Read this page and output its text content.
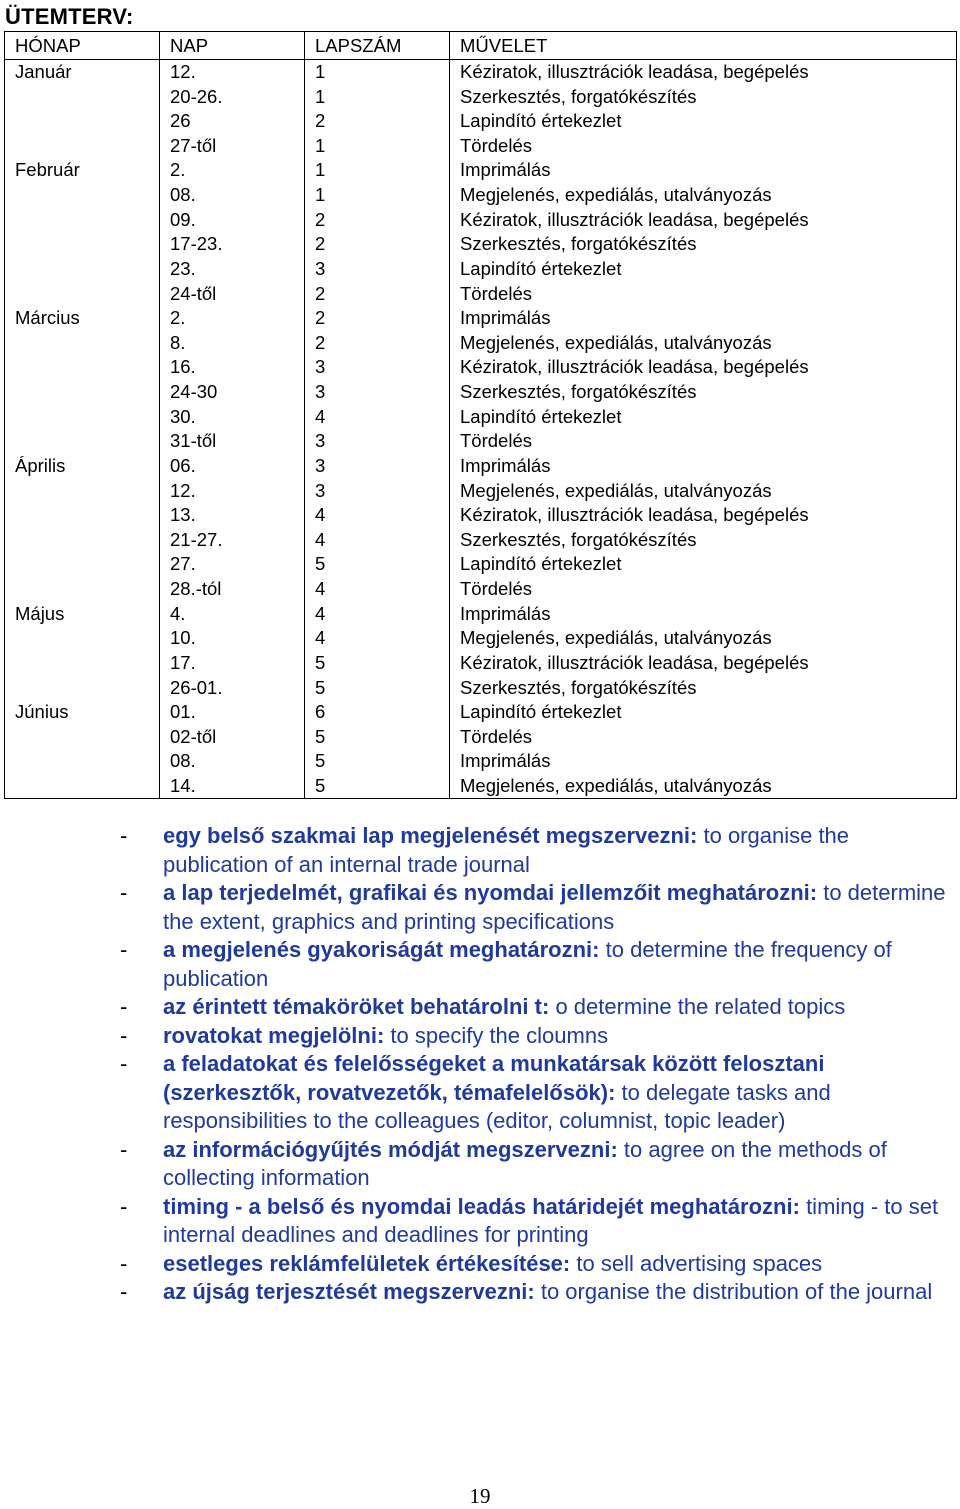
ÜTEMTERV:
HÓNAP	NAP	LAPSZÁM	MŰVELET
Január	12.	1	Kéziratok, illusztrációk leadása, begépelés
	20-26.	1	Szerkesztés, forgatókészítés
	26	2	Lapindító értekezlet
	27-től	1	Tördelés
Február	2.	1	Imprimálás
	08.	1	Megjelenés, expediálás, utalványozás
	09.	2	Kéziratok, illusztrációk leadása, begépelés
	17-23.	2	Szerkesztés, forgatókészítés
	23.	3	Lapindító értekezlet
	24-től	2	Tördelés
Március	2.	2	Imprimálás
	8.	2	Megjelenés, expediálás, utalványozás
	16.	3	Kéziratok, illusztrációk leadása, begépelés
	24-30	3	Szerkesztés, forgatókészítés
	30.	4	Lapindító értekezlet
	31-től	3	Tördelés
Április	06.	3	Imprimálás
	12.	3	Megjelenés, expediálás, utalványozás
	13.	4	Kéziratok, illusztrációk leadása, begépelés
	21-27.	4	Szerkesztés, forgatókészítés
	27.	5	Lapindító értekezlet
	28.-tól	4	Tördelés
Május	4.	4	Imprimálás
	10.	4	Megjelenés, expediálás, utalványozás
	17.	5	Kéziratok, illusztrációk leadása, begépelés
	26-01.	5	Szerkesztés, forgatókészítés
Június	01.	6	Lapindító értekezlet
	02-től	5	Tördelés
	08.	5	Imprimálás
	14.	5	Megjelenés, expediálás, utalványozás
- egy belső szakmai lap megjelenését megszervezni: to organise the publication of an internal trade journal
- a lap terjedelmét, grafikai és nyomdai jellemzőit meghatározni: to determine the extent, graphics and printing specifications
- a megjelenés gyakoriságát meghatározni: to determine the frequency of publication
- az érintett témaköröket behatárolni t: o determine the related topics
- rovatokat megjelölni: to specify the cloumns
- a feladatokat és felelősségeket a munkatársak között felosztani (szerkesztők, rovatvezetők, témafelelősök): to delegate tasks and responsibilities to the colleagues (editor, columnist, topic leader)
- az információgyűjtés módját megszervezni: to agree on the methods of collecting information
- timing - a belső és nyomdai leadás határidejét meghatározni: timing - to set internal deadlines and deadlines for printing
- esetleges reklámfelületek értékesítése: to sell advertising spaces
- az újság terjesztését megszervezni: to organise the distribution of the journal
19
